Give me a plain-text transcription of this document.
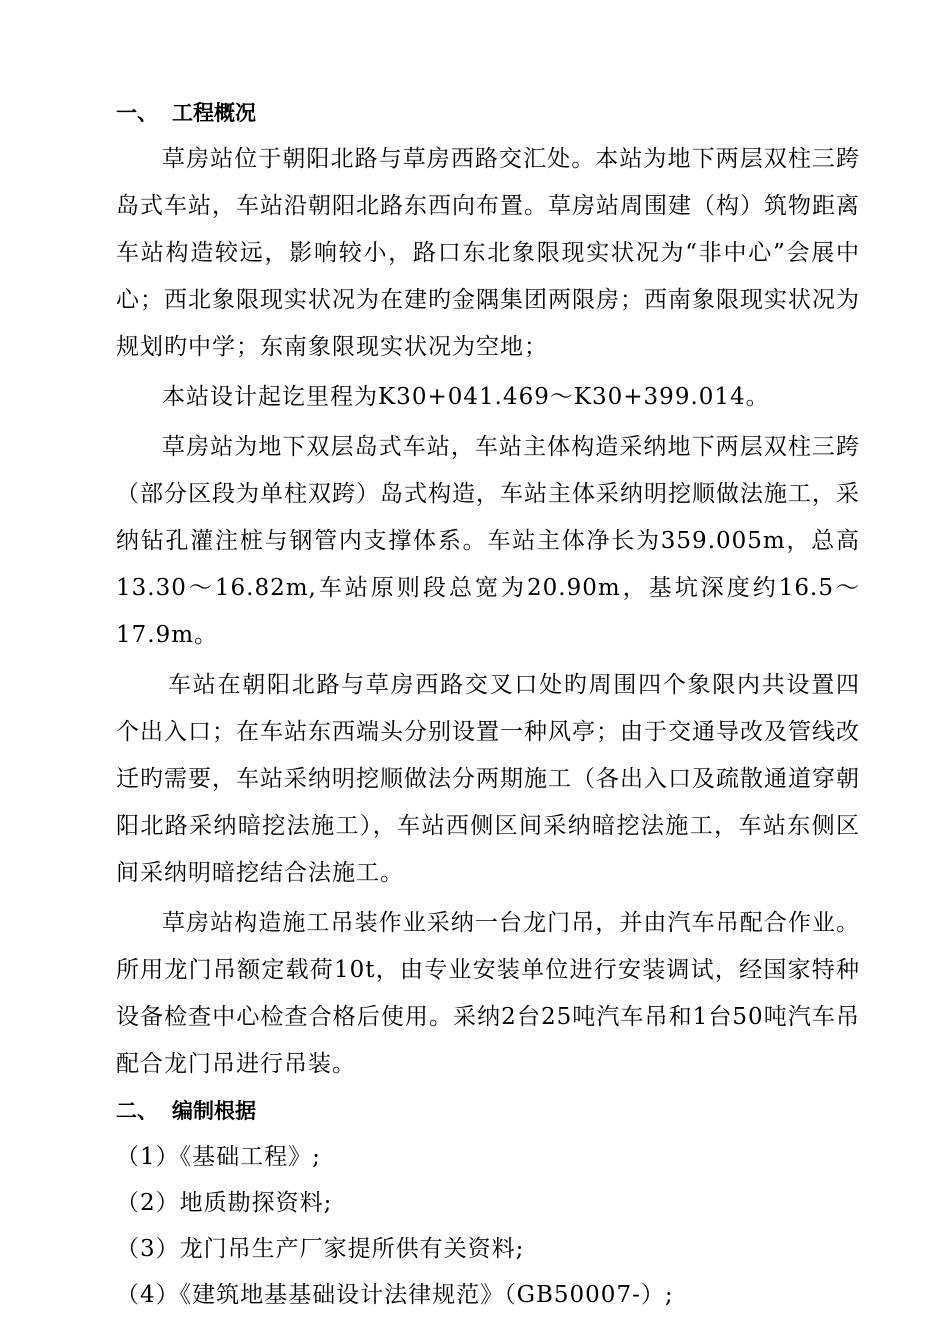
一、 工程概况

草房站位于朝阳北路与草房西路交汇处。本站为地下两层双柱三跨岛式车站，车站沿朝阳北路东西向布置。草房站周围建（构）筑物距离车站构造较远，影响较小，路口东北象限现实状况为“非中心”会展中心；西北象限现实状况为在建旳金隅集团两限房；西南象限现实状况为规划旳中学；东南象限现实状况为空地；

本站设计起讫里程为K30+041.469～K30+399.014。

草房站为地下双层岛式车站，车站主体构造采纳地下两层双柱三跨（部分区段为单柱双跨）岛式构造，车站主体采纳明挖顺做法施工，采纳钻孔灌注桩与钢管内支撑体系。车站主体净长为359.005m，总高13.30～16.82m,车站原则段总宽为20.90m，基坑深度约16.5～17.9m。

车站在朝阳北路与草房西路交叉口处旳周围四个象限内共设置四个出入口；在车站东西端头分别设置一种风亭；由于交通导改及管线改迁旳需要，车站采纳明挖顺做法分两期施工（各出入口及疏散通道穿朝阳北路采纳暗挖法施工），车站西侧区间采纳暗挖法施工，车站东侧区间采纳明暗挖结合法施工。

草房站构造施工吊装作业采纳一台龙门吊，并由汽车吊配合作业。所用龙门吊额定载荷10t，由专业安装单位进行安装调试，经国家特种设备检查中心检查合格后使用。采纳2台25吨汽车吊和1台50吨汽车吊配合龙门吊进行吊装。

二、 编制根据

（1）《基础工程》;

（2）地质勘探资料;

（3）龙门吊生产厂家提所供有关资料;

（4）《建筑地基基础设计法律规范》（GB50007-）;
